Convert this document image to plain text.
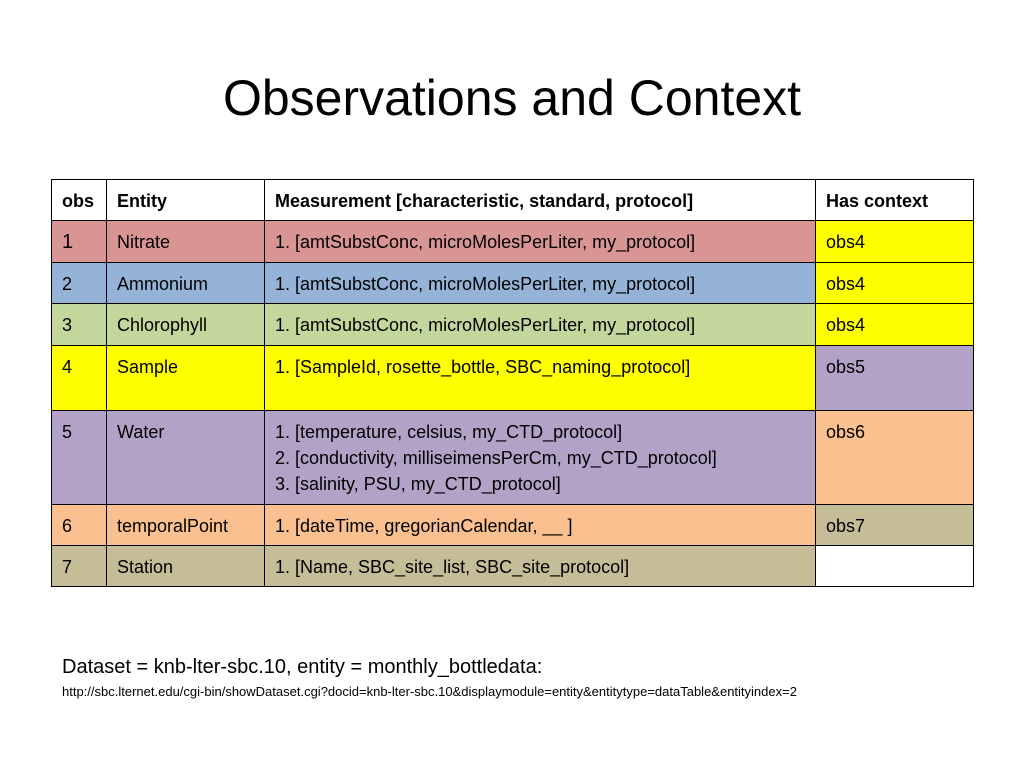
Observations and Context
obs	Entity	Measurement [characteristic, standard, protocol]	Has context
1	Nitrate	1. [amtSubstConc, microMolesPerLiter, my_protocol]	obs4
2	Ammonium	1. [amtSubstConc, microMolesPerLiter, my_protocol]	obs4
3	Chlorophyll	1. [amtSubstConc, microMolesPerLiter, my_protocol]	obs4
4	Sample	1. [SampleId, rosette_bottle, SBC_naming_protocol]	obs5
5	Water	1. [temperature, celsius, my_CTD_protocol]
2. [conductivity, milliseimensPerCm, my_CTD_protocol]
3. [salinity, PSU, my_CTD_protocol]	obs6
6	temporalPoint	1. [dateTime, gregorianCalendar, __ ]	obs7
7	Station	1. [Name, SBC_site_list, SBC_site_protocol]	

Dataset = knb-lter-sbc.10, entity = monthly_bottledata:
http://sbc.lternet.edu/cgi-bin/showDataset.cgi?docid=knb-lter-sbc.10&displaymodule=entity&entitytype=dataTable&entityindex=2
